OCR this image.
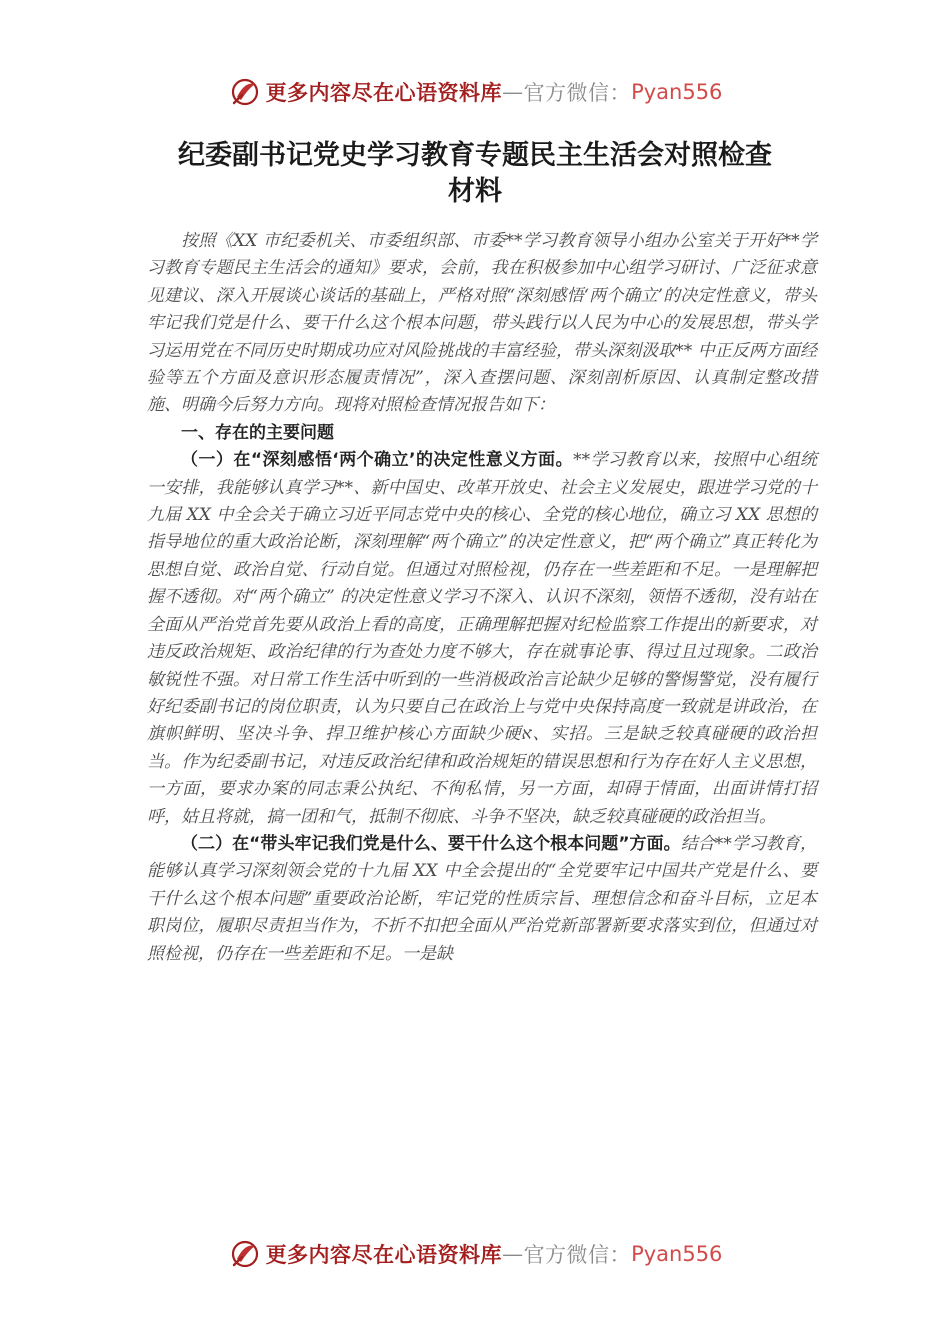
更多内容尽在心语资料库 — 官方微信： Pyan556
纪委副书记党史学习教育专题民主生活会对照检查
材料

按照《XX 市纪委机关、市委组织部、市委**学习教育领导小组办公室关于开好**学习教育专题民主生活会的通知》要求，会前，我在积极参加中心组学习研讨、广泛征求意见建议、深入开展谈心谈话的基础上，严格对照“深刻感悟‘两个确立’的决定性意义，带头牢记我们党是什么、要干什么这个根本问题，带头践行以人民为中心的发展思想，带头学习运用党在不同历史时期成功应对风险挑战的丰富经验，带头深刻汲取** 中正反两方面经验等五个方面及意识形态履责情况”，深入查摆问题、深刻剖析原因、认真制定整改措施、明确今后努力方向。现将对照检查情况报告如下：

一、存在的主要问题

（一）在“深刻感悟‘两个确立’的决定性意义方面。**学习教育以来，按照中心组统一安排，我能够认真学习**、新中国史、改革开放史、社会主义发展史，跟进学习党的十九届 XX 中全会关于确立习近平同志党中央的核心、全党的核心地位，确立习 XX 思想的指导地位的重大政治论断，深刻理解“两个确立”的决定性意义，把“两个确立”真正转化为思想自觉、政治自觉、行动自觉。但通过对照检视，仍存在一些差距和不足。一是理解把握不透彻。对“两个确立” 的决定性意义学习不深入、认识不深刻，领悟不透彻，没有站在全面从严治党首先要从政治上看的高度，正确理解把握对纪检监察工作提出的新要求，对违反政治规矩、政治纪律的行为查处力度不够大，存在就事论事、得过且过现象。二政治敏锐性不强。对日常工作生活中听到的一些消极政治言论缺少足够的警惕警觉，没有履行好纪委副书记的岗位职责，认为只要自己在政治上与党中央保持高度一致就是讲政治，在旗帜鲜明、坚决斗争、捍卫维护核心方面缺少硬א、实招。三是缺乏较真碰硬的政治担当。作为纪委副书记，对违反政治纪律和政治规矩的错误思想和行为存在好人主义思想，一方面，要求办案的同志秉公执纪、不徇私情，另一方面，却碍于情面，出面讲情打招呼，姑且将就，搞一团和气，抵制不彻底、斗争不坚决，缺乏较真碰硬的政治担当。

（二）在“带头牢记我们党是什么、要干什么这个根本问题”方面。结合**学习教育，能够认真学习深刻领会党的十九届 XX 中全会提出的“全党要牢记中国共产党是什么、要干什么这个根本问题”重要政治论断，牢记党的性质宗旨、理想信念和奋斗目标，立足本职岗位，履职尽责担当作为，不折不扣把全面从严治党新部署新要求落实到位，但通过对照检视，仍存在一些差距和不足。一是缺

更多内容尽在心语资料库 — 官方微信： Pyan556
